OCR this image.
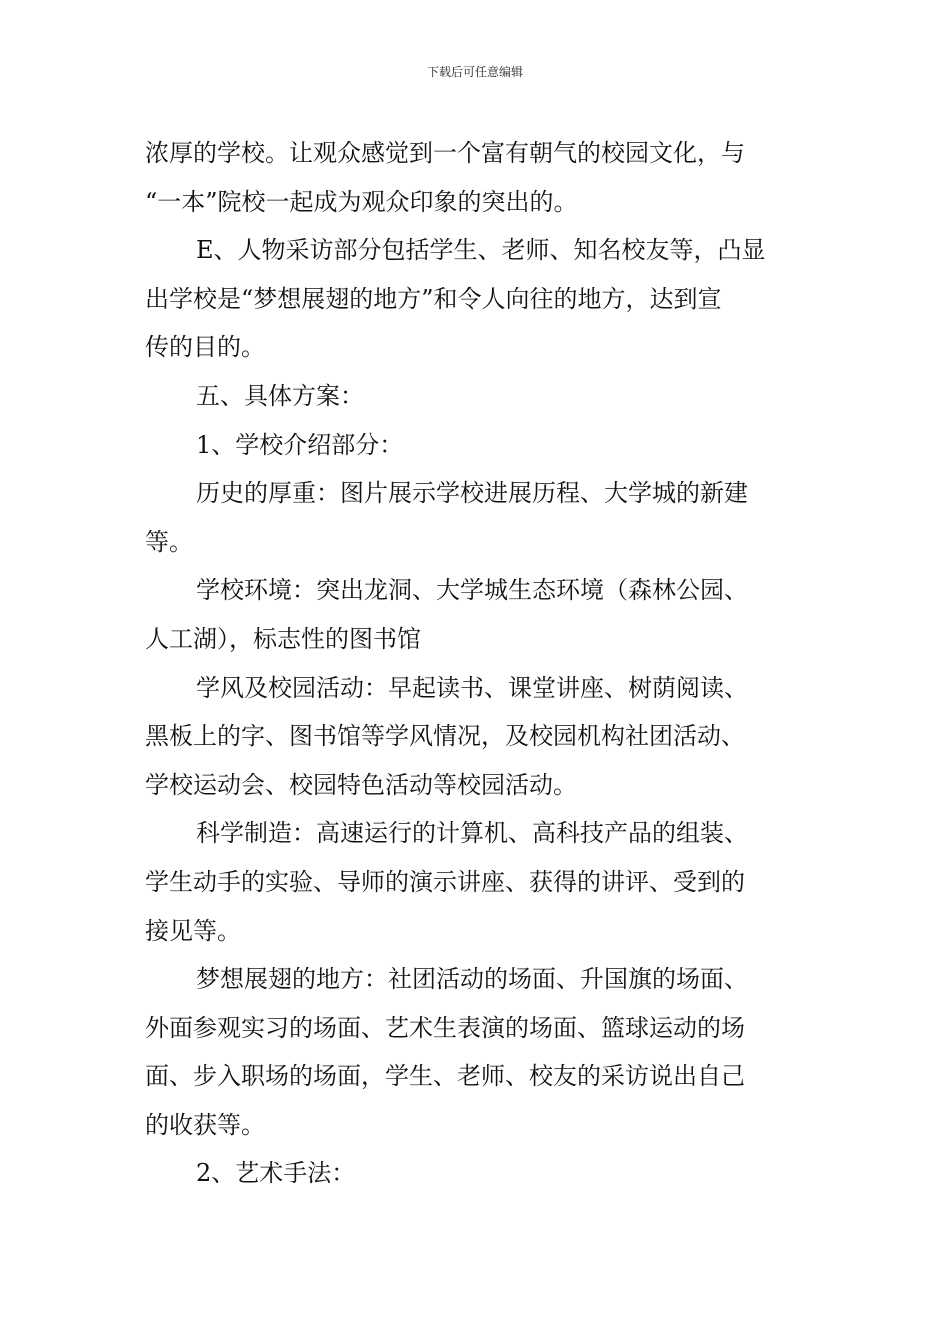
下载后可任意编辑
浓厚的学校。让观众感觉到一个富有朝气的校园文化，与
“一本”院校一起成为观众印象的突出的。
E、人物采访部分包括学生、老师、知名校友等，凸显
出学校是“梦想展翅的地方”和令人向往的地方，达到宣
传的目的。
五、具体方案：
1、学校介绍部分：
历史的厚重：图片展示学校进展历程、大学城的新建
等。
学校环境：突出龙洞、大学城生态环境（森林公园、
人工湖），标志性的图书馆
学风及校园活动：早起读书、课堂讲座、树荫阅读、
黑板上的字、图书馆等学风情况，及校园机构社团活动、
学校运动会、校园特色活动等校园活动。
科学制造：高速运行的计算机、高科技产品的组装、
学生动手的实验、导师的演示讲座、获得的讲评、受到的
接见等。
梦想展翅的地方：社团活动的场面、升国旗的场面、
外面参观实习的场面、艺术生表演的场面、篮球运动的场
面、步入职场的场面，学生、老师、校友的采访说出自己
的收获等。
2、艺术手法：
